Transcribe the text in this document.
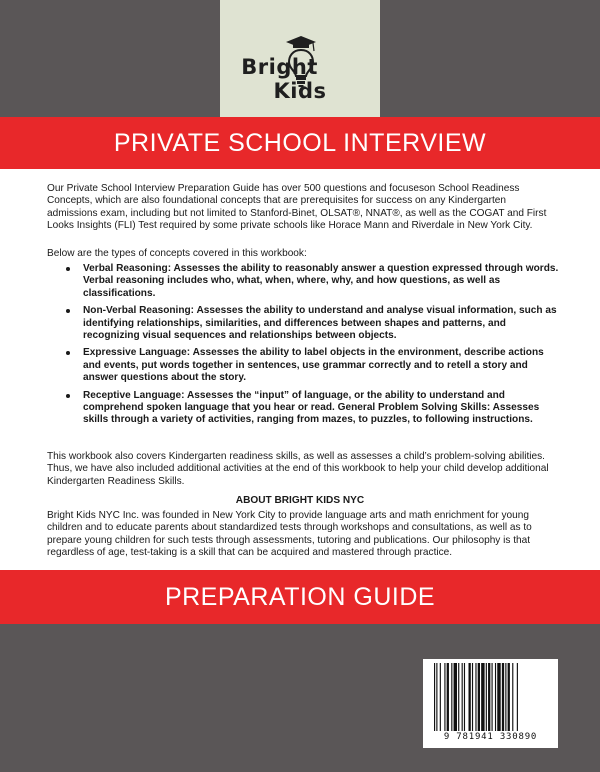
Bright    Kids
PRIVATE SCHOOL INTERVIEW

Our Private School Interview Preparation Guide has over 500 questions and focuseson School Readiness Concepts, which are also foundational concepts that are prerequisites for success on any Kindergarten admissions exam, including but not limited to Stanford-Binet, OLSAT®, NNAT®, as well as the COGAT and First Looks Insights (FLI) Test required by some private schools like Horace Mann and Riverdale in New York City.

Below are the types of concepts covered in this workbook:

Verbal Reasoning: Assesses the ability to reasonably answer a question expressed through words. Verbal reasoning includes who, what, when, where, why, and how questions, as well as classifications.
Non-Verbal Reasoning: Assesses the ability to understand and analyse visual information, such as identifying relationships, similarities, and differences between shapes and patterns, and recognizing visual sequences and relationships between objects.
Expressive Language: Assesses the ability to label objects in the environment, describe actions and events, put words together in sentences, use grammar correctly and to retell a story and answer questions about the story.
Receptive Language: Assesses the “input” of language, or the ability to understand and comprehend spoken language that you hear or read. General Problem Solving Skills: Assesses skills through a variety of activities, ranging from mazes, to puzzles, to following instructions.

This workbook also covers Kindergarten readiness skills, as well as assesses a child’s problem-solving abilities. Thus, we have also included additional activities at the end of this workbook to help your child develop additional Kindergarten Readiness Skills.

ABOUT BRIGHT KIDS NYC

Bright Kids NYC Inc. was founded in New York City to provide language arts and math enrichment for young children and to educate parents about standardized tests through workshops and consultations, as well as to prepare young children for such tests through assessments, tutoring and publications. Our philosophy is that regardless of age, test-taking is a skill that can be acquired and mastered through practice.

PREPARATION GUIDE
9 781941 330890
